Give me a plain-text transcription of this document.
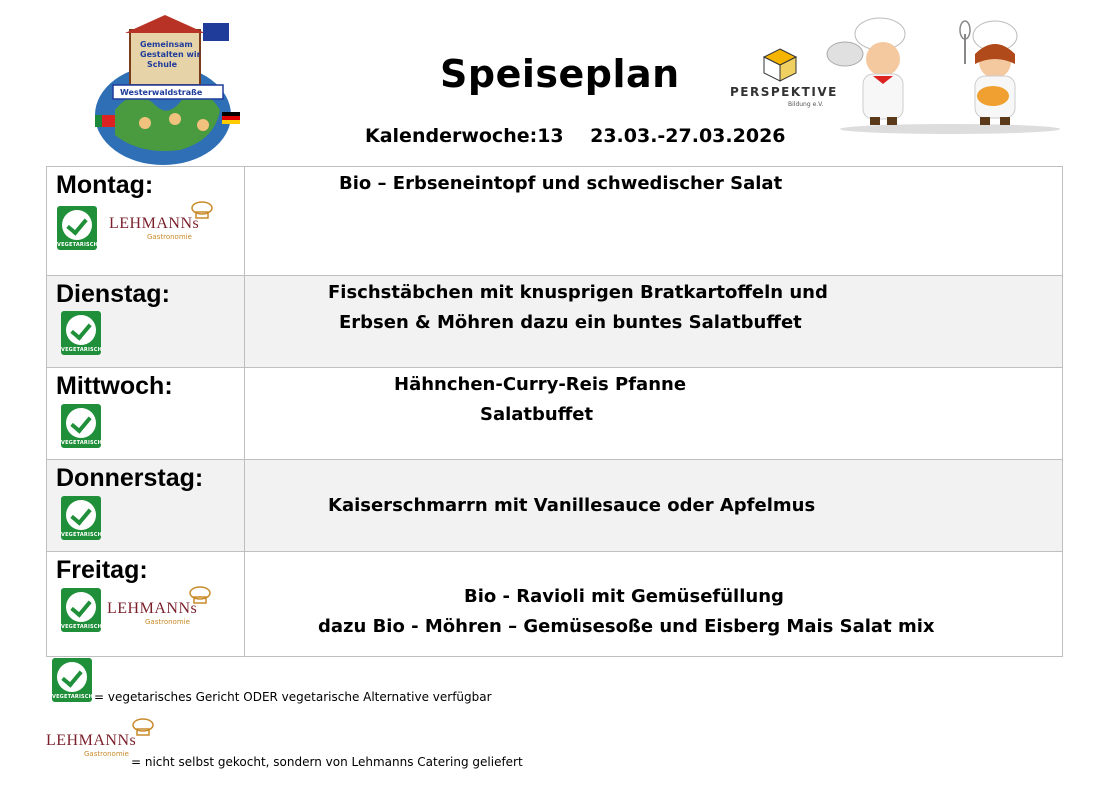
Gemeinsam
Gestalten wir
Schule
Westerwaldstraße	Speiseplan
Kalenderwoche:13    23.03.-27.03.2026
PERSPEKTIVE
Bildung e.V.
Montag:
VEGETARISCH
LEHMANNs
Gastronomie
Bio – Erbseneintopf und schwedischer Salat
Dienstag:
VEGETARISCH
Fischstäbchen mit knusprigen Bratkartoffeln und
Erbsen & Möhren dazu ein buntes Salatbuffet
Mittwoch:
VEGETARISCH
Hähnchen-Curry-Reis Pfanne
Salatbuffet
Donnerstag:
VEGETARISCH
Kaiserschmarrn mit Vanillesauce oder Apfelmus
Freitag:
VEGETARISCH
LEHMANNs
Gastronomie
Bio - Ravioli mit Gemüsefüllung
dazu Bio - Möhren – Gemüsesoße und Eisberg Mais Salat mix
VEGETARISCH = vegetarisches Gericht ODER vegetarische Alternative verfügbar
LEHMANNs
Gastronomie
= nicht selbst gekocht, sondern von Lehmanns Catering geliefert
